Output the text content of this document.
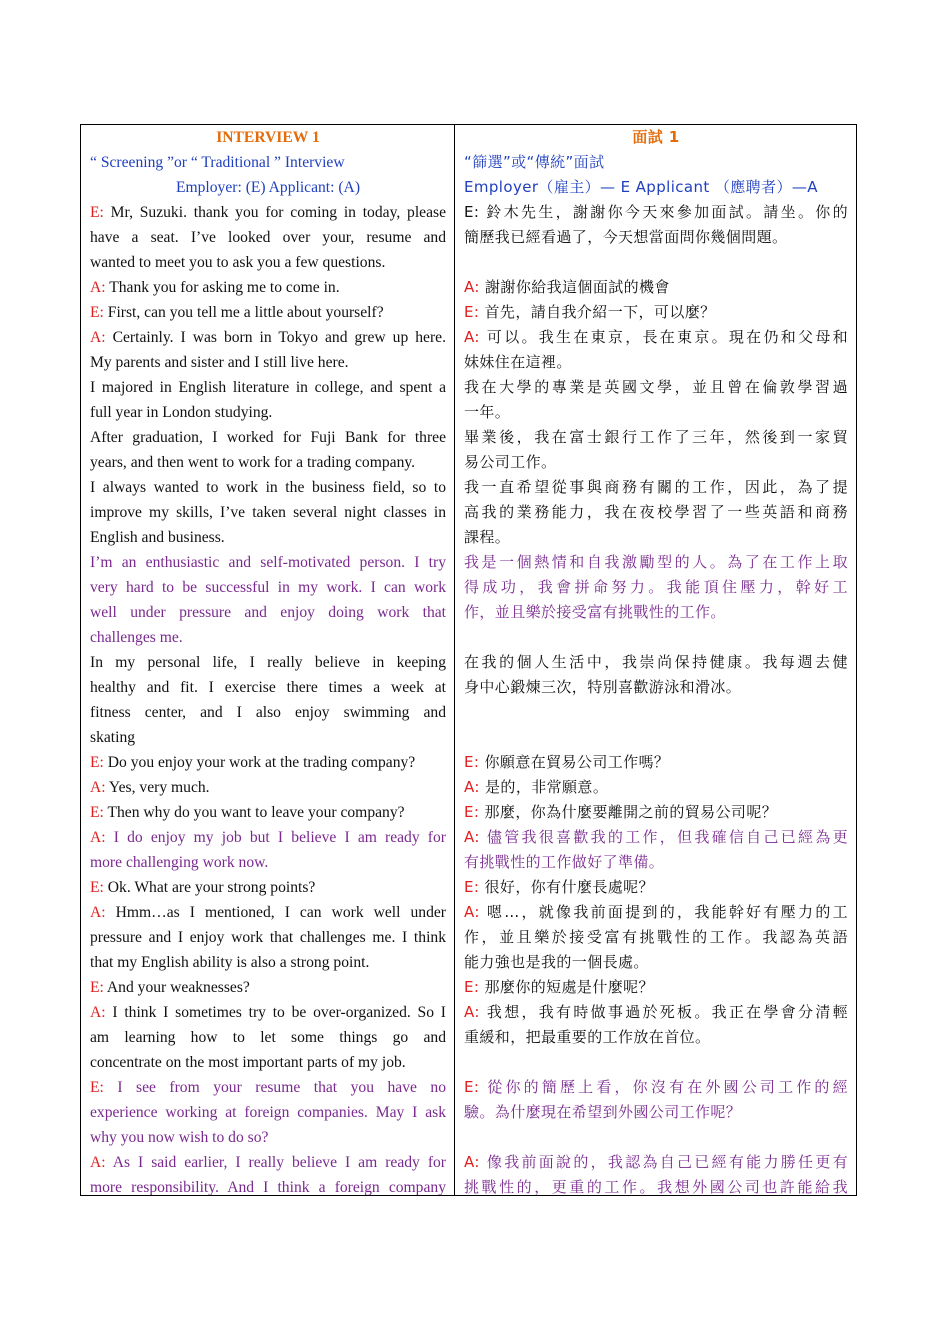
INTERVIEW 1
“ Screening ”or “ Traditional ” Interview
Employer: (E) Applicant: (A)
E: Mr, Suzuki. thank you for coming in today, please
have a seat. I’ve looked over your, resume and
wanted to meet you to ask you a few questions.
A: Thank you for asking me to come in.
E: First, can you tell me a little about yourself?
A: Certainly. I was born in Tokyo and grew up here.
My parents and sister and I still live here.
I majored in English literature in college, and spent a
full year in London studying.
After graduation, I worked for Fuji Bank for three
years, and then went to work for a trading company.
I always wanted to work in the business field, so to
improve my skills, I’ve taken several night classes in
English and business.
I’m an enthusiastic and self-motivated person. I try
very hard to be successful in my work. I can work
well under pressure and enjoy doing work that
challenges me.
In my personal life, I really believe in keeping
healthy and fit. I exercise there times a week at
fitness center, and I also enjoy swimming and
skating
E: Do you enjoy your work at the trading company?
A: Yes, very much.
E: Then why do you want to leave your company?
A: I do enjoy my job but I believe I am ready for
more challenging work now.
E: Ok. What are your strong points?
A: Hmm…as I mentioned, I can work well under
pressure and I enjoy work that challenges me. I think
that my English ability is also a strong point.
E: And your weaknesses?
A: I think I sometimes try to be over-organized. So I
am learning how to let some things go and
concentrate on the most important parts of my job.
E: I see from your resume that you have no
experience working at foreign companies. May I ask
why you now wish to do so?
A: As I said earlier, I really believe I am ready for
more responsibility. And I think a foreign company
面試 1
“篩選”或“傳統”面試
Employer（雇主）— E Applicant （應聘者）—A
E: 鈴木先生，謝謝你今天來參加面試。請坐。你的
簡歷我已經看過了，今天想當面問你幾個問題。
A: 謝謝你給我這個面試的機會
E: 首先，請自我介紹一下，可以麼？
A: 可以。我生在東京，長在東京。現在仍和父母和
妹妹住在這裡。
我在大學的專業是英國文學，並且曾在倫敦學習過
一年。
畢業後，我在富士銀行工作了三年，然後到一家貿
易公司工作。
我一直希望從事與商務有關的工作，因此，為了提
高我的業務能力，我在夜校學習了一些英語和商務
課程。
我是一個熱情和自我激勵型的人。為了在工作上取
得成功，我會拼命努力。我能頂住壓力，幹好工
作，並且樂於接受富有挑戰性的工作。
在我的個人生活中，我崇尚保持健康。我每週去健
身中心鍛煉三次，特別喜歡游泳和滑冰。
E: 你願意在貿易公司工作嗎？
A: 是的，非常願意。
E: 那麼，你為什麼要離開之前的貿易公司呢？
A: 儘管我很喜歡我的工作，但我確信自己已經為更
有挑戰性的工作做好了準備。
E: 很好，你有什麼長處呢？
A: 嗯…，就像我前面提到的，我能幹好有壓力的工
作，並且樂於接受富有挑戰性的工作。我認為英語
能力強也是我的一個長處。
E: 那麼你的短處是什麼呢？
A: 我想，我有時做事過於死板。我正在學會分清輕
重緩和，把最重要的工作放在首位。
E: 從你的簡歷上看，你沒有在外國公司工作的經
驗。為什麼現在希望到外國公司工作呢？
A: 像我前面說的，我認為自己已經有能力勝任更有
挑戰性的，更重的工作。我想外國公司也許能給我
